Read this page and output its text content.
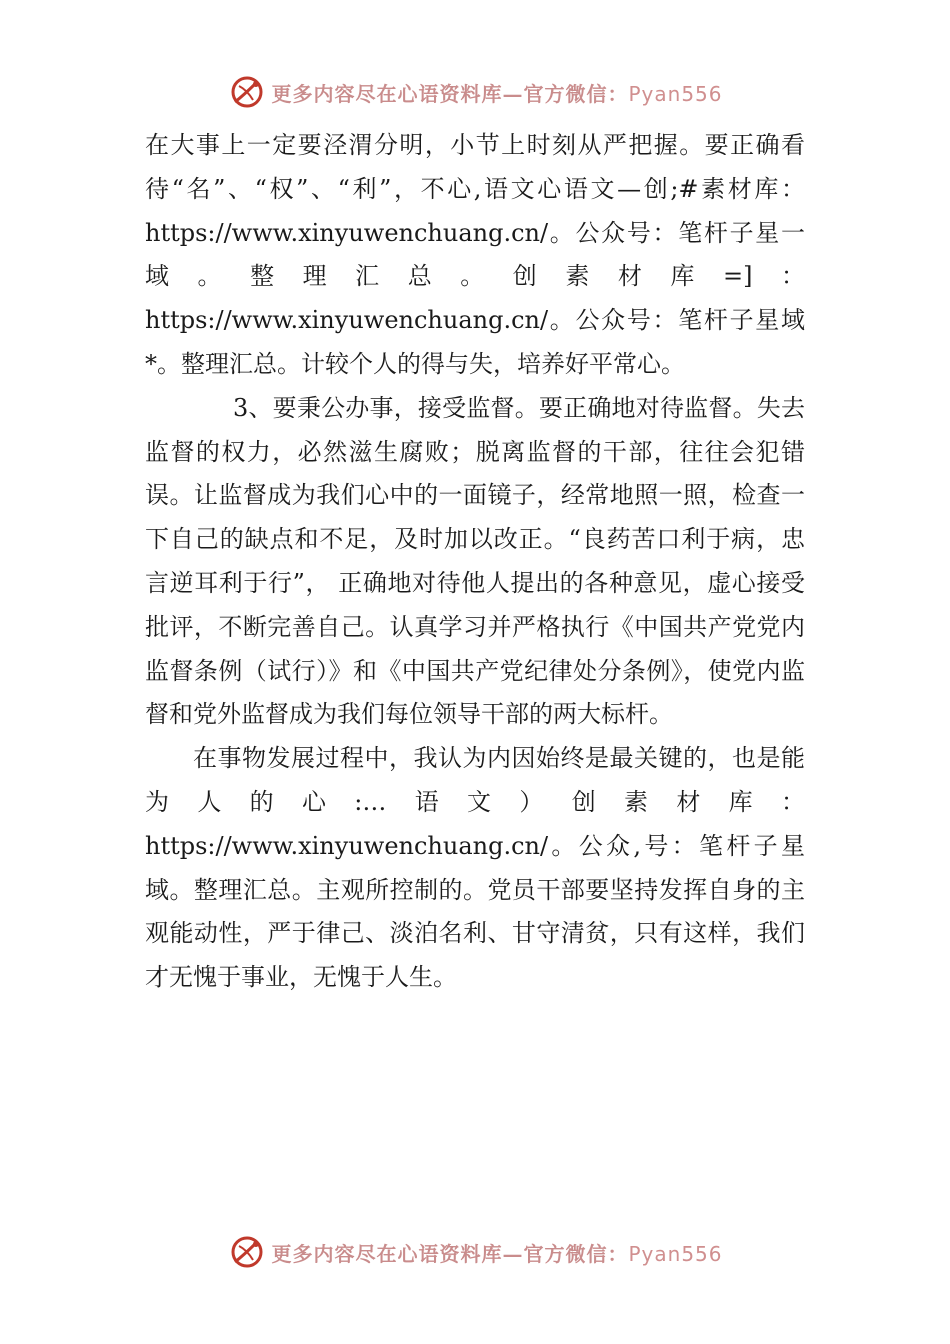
更多内容尽在心语资料库—官方微信：Pyan556

在大事上一定要泾渭分明，小节上时刻从严把握。要正确看待“名”、“权”、“利”，不心,语文心语文—创;#素材库：https://www.xinyuwenchuang.cn/。公众号：笔杆子星一域。整理汇总。创素材库=]：https://www.xinyuwenchuang.cn/。公众号：笔杆子星域*。整理汇总。计较个人的得与失，培养好平常心。

3、要秉公办事，接受监督。要正确地对待监督。失去监督的权力，必然滋生腐败；脱离监督的干部，往往会犯错误。让监督成为我们心中的一面镜子，经常地照一照，检查一下自己的缺点和不足，及时加以改正。“良药苦口利于病，忠言逆耳利于行”， 正确地对待他人提出的各种意见，虚心接受批评，不断完善自己。认真学习并严格执行《中国共产党党内监督条例（试行）》和《中国共产党纪律处分条例》，使党内监督和党外监督成为我们每位领导干部的两大标杆。

在事物发展过程中，我认为内因始终是最关键的，也是能为人的心:…语文）创素材库：https://www.xinyuwenchuang.cn/。公众,号：笔杆子星域。整理汇总。主观所控制的。党员干部要坚持发挥自身的主观能动性，严于律己、淡泊名利、甘守清贫，只有这样，我们才无愧于事业，无愧于人生。

更多内容尽在心语资料库—官方微信：Pyan556
